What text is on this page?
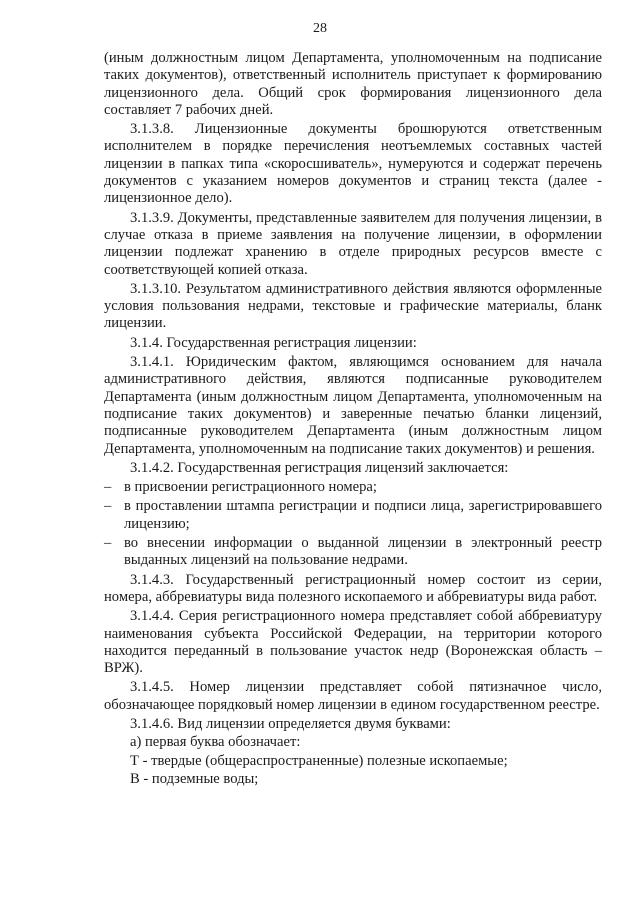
28

(иным должностным лицом Департамента, уполномоченным на подписание таких документов), ответственный исполнитель приступает к формированию лицензионного дела. Общий срок формирования лицензионного дела составляет 7 рабочих дней.

3.1.3.8. Лицензионные документы брошюруются ответственным исполнителем в порядке перечисления неотъемлемых составных частей лицензии в папках типа «скоросшиватель», нумеруются и содержат перечень документов с указанием номеров документов и страниц текста (далее - лицензионное дело).

3.1.3.9. Документы, представленные заявителем для получения лицензии, в случае отказа в приеме заявления на получение лицензии, в оформлении лицензии подлежат хранению в отделе природных ресурсов вместе с соответствующей копией отказа.

3.1.3.10. Результатом административного действия являются оформленные условия пользования недрами, текстовые и графические материалы, бланк лицензии.

3.1.4. Государственная регистрация лицензии:

3.1.4.1. Юридическим фактом, являющимся основанием для начала административного действия, являются подписанные руководителем Департамента (иным должностным лицом Департамента, уполномоченным на подписание таких документов) и заверенные печатью бланки лицензий, подписанные руководителем Департамента (иным должностным лицом Департамента, уполномоченным на подписание таких документов) и решения.

3.1.4.2. Государственная регистрация лицензий заключается:

– в присвоении регистрационного номера;
– в проставлении штампа регистрации и подписи лица, зарегистрировавшего лицензию;
– во внесении информации о выданной лицензии в электронный реестр выданных лицензий на пользование недрами.

3.1.4.3. Государственный регистрационный номер состоит из серии, номера, аббревиатуры вида полезного ископаемого и аббревиатуры вида работ.

3.1.4.4. Серия регистрационного номера представляет собой аббревиатуру наименования субъекта Российской Федерации, на территории которого находится переданный в пользование участок недр (Воронежская область – ВРЖ).

3.1.4.5. Номер лицензии представляет собой пятизначное число, обозначающее порядковый номер лицензии в едином государственном реестре.

3.1.4.6. Вид лицензии определяется двумя буквами:

а) первая буква обозначает:

Т - твердые (общераспространенные) полезные ископаемые;

В - подземные воды;
